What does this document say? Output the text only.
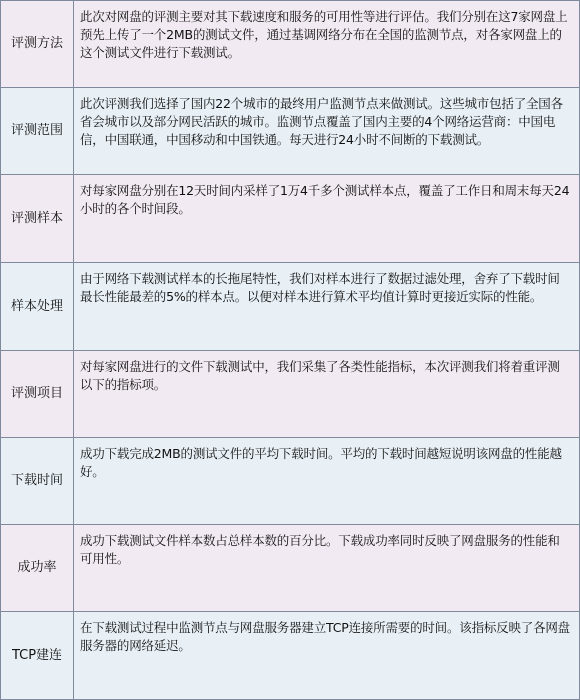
评测方法	此次对网盘的评测主要对其下载速度和服务的可用性等进行评估。我们分别在这7家网盘上预先上传了一个2MB的测试文件，通过基调网络分布在全国的监测节点，对各家网盘上的这个测试文件进行下载测试。
评测范围	此次评测我们选择了国内22个城市的最终用户监测节点来做测试。这些城市包括了全国各省会城市以及部分网民活跃的城市。监测节点覆盖了国内主要的4个网络运营商：中国电信，中国联通，中国移动和中国铁通。每天进行24小时不间断的下载测试。
评测样本	对每家网盘分别在12天时间内采样了1万4千多个测试样本点，覆盖了工作日和周末每天24小时的各个时间段。
样本处理	由于网络下载测试样本的长拖尾特性，我们对样本进行了数据过滤处理，舍弃了下载时间最长性能最差的5%的样本点。以便对样本进行算术平均值计算时更接近实际的性能。
评测项目	对每家网盘进行的文件下载测试中，我们采集了各类性能指标，本次评测我们将着重评测以下的指标项。
下载时间	成功下载完成2MB的测试文件的平均下载时间。平均的下载时间越短说明该网盘的性能越好。
成功率	成功下载测试文件样本数占总样本数的百分比。下载成功率同时反映了网盘服务的性能和可用性。
TCP建连	在下载测试过程中监测节点与网盘服务器建立TCP连接所需要的时间。该指标反映了各网盘服务器的网络延迟。
